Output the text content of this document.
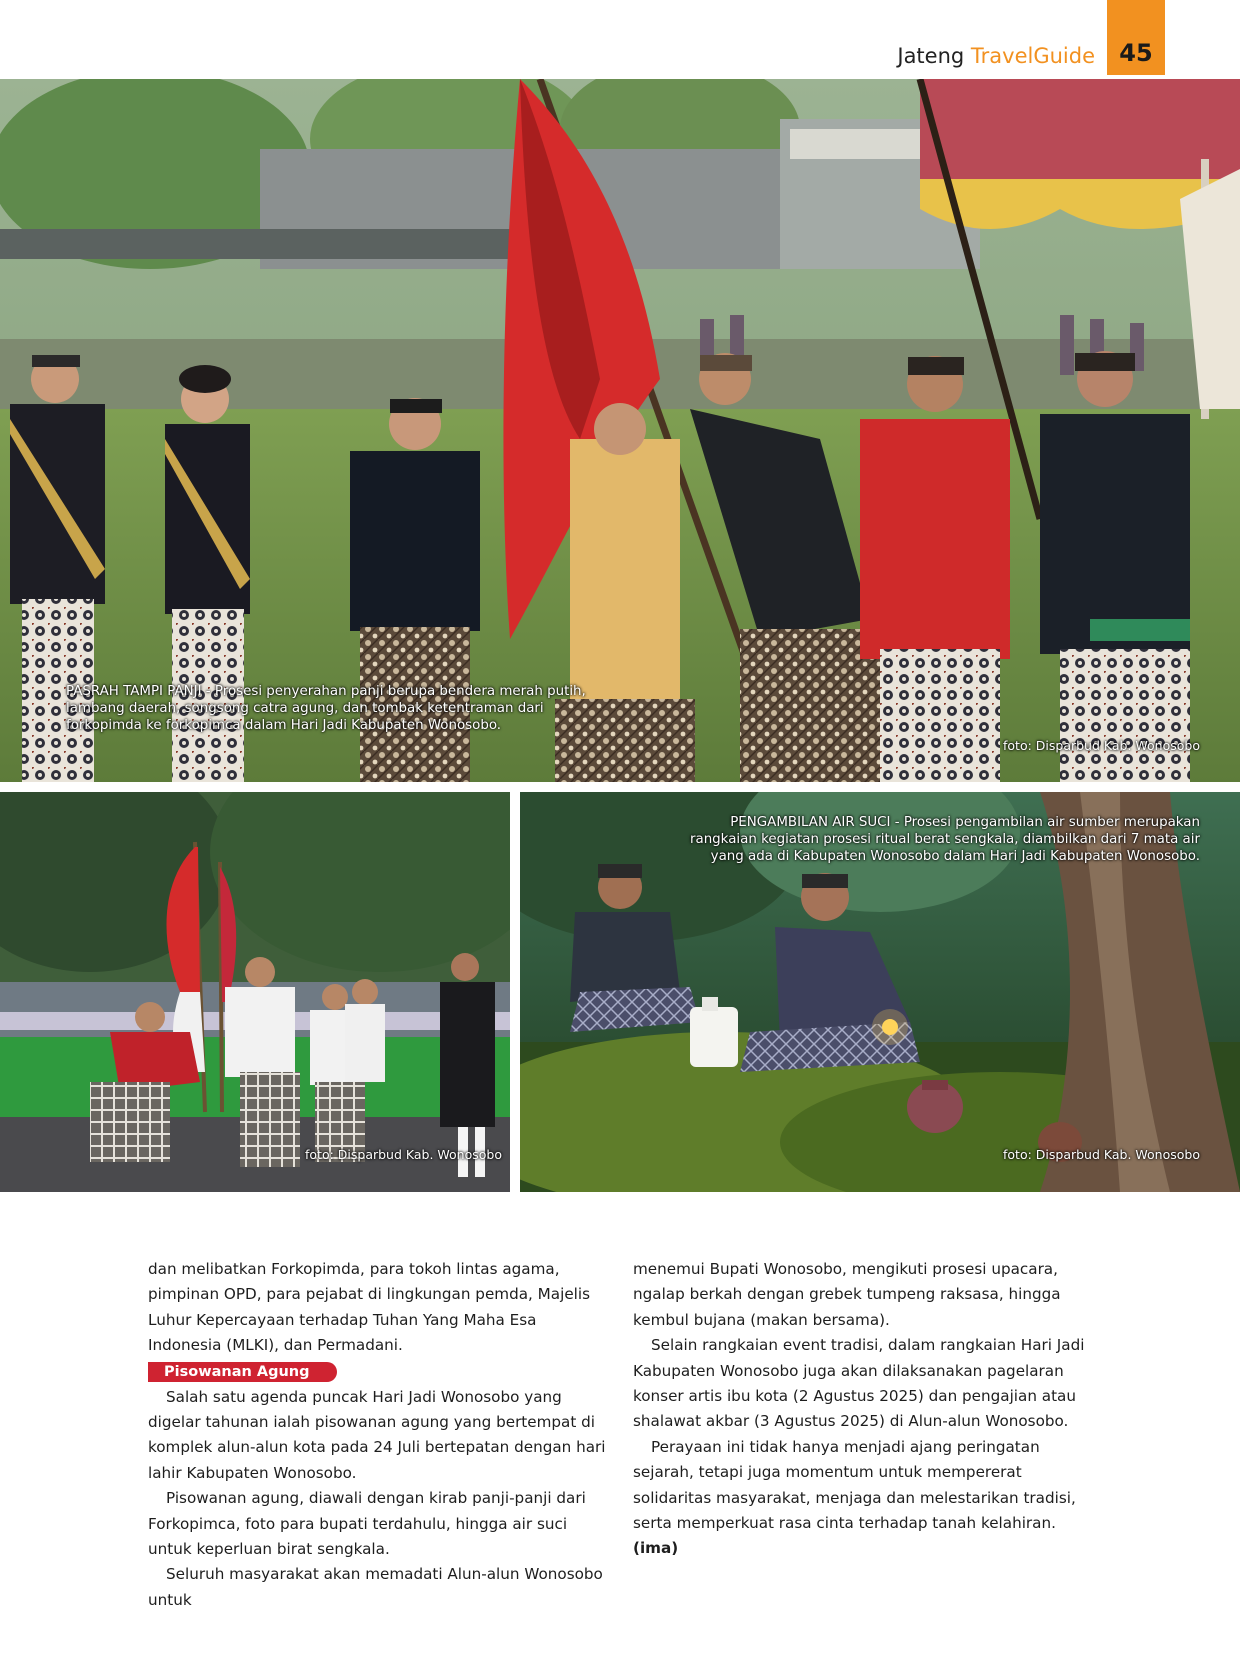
Jateng TravelGuide	45
PASRAH TAMPI PANJI - Prosesi penyerahan panji berupa bendera merah putih, lambang daerah, songsong catra agung, dan tombak ketentraman dari forkopimda ke forkopimca dalam Hari Jadi Kabupaten Wonosobo.
foto: Disparbud Kab. Wonosobo
foto: Disparbud Kab. Wonosobo
PENGAMBILAN AIR SUCI - Prosesi pengambilan air sumber merupakan rangkaian kegiatan prosesi ritual berat sengkala, diambilkan dari 7 mata air yang ada di Kabupaten Wonosobo dalam Hari Jadi Kabupaten Wonosobo.
foto: Disparbud Kab. Wonosobo

dan melibatkan Forkopimda, para tokoh lintas agama, pimpinan OPD, para pejabat di lingkungan pemda, Majelis Luhur Kepercayaan terhadap Tuhan Yang Maha Esa Indonesia (MLKI), dan Permadani.

Pisowanan Agung

Salah satu agenda puncak Hari Jadi Wonosobo yang digelar tahunan ialah pisowanan agung yang bertempat di komplek alun-alun kota pada 24 Juli bertepatan dengan hari lahir Kabupaten Wonosobo.

Pisowanan agung, diawali dengan kirab panji-panji dari Forkopimca, foto para bupati terdahulu, hingga air suci untuk keperluan birat sengkala.

Seluruh masyarakat akan memadati Alun-alun Wonosobo untuk

menemui Bupati Wonosobo, mengikuti prosesi upacara, ngalap berkah dengan grebek tumpeng raksasa, hingga kembul bujana (makan bersama).

Selain rangkaian event tradisi, dalam rangkaian Hari Jadi Kabupaten Wonosobo juga akan dilaksanakan pagelaran konser artis ibu kota (2 Agustus 2025) dan pengajian atau shalawat akbar (3 Agustus 2025) di Alun-alun Wonosobo.

Perayaan ini tidak hanya menjadi ajang peringatan sejarah, tetapi juga momentum untuk mempererat solidaritas masyarakat, menjaga dan melestarikan tradisi, serta memperkuat rasa cinta terhadap tanah kelahiran. (ima)
